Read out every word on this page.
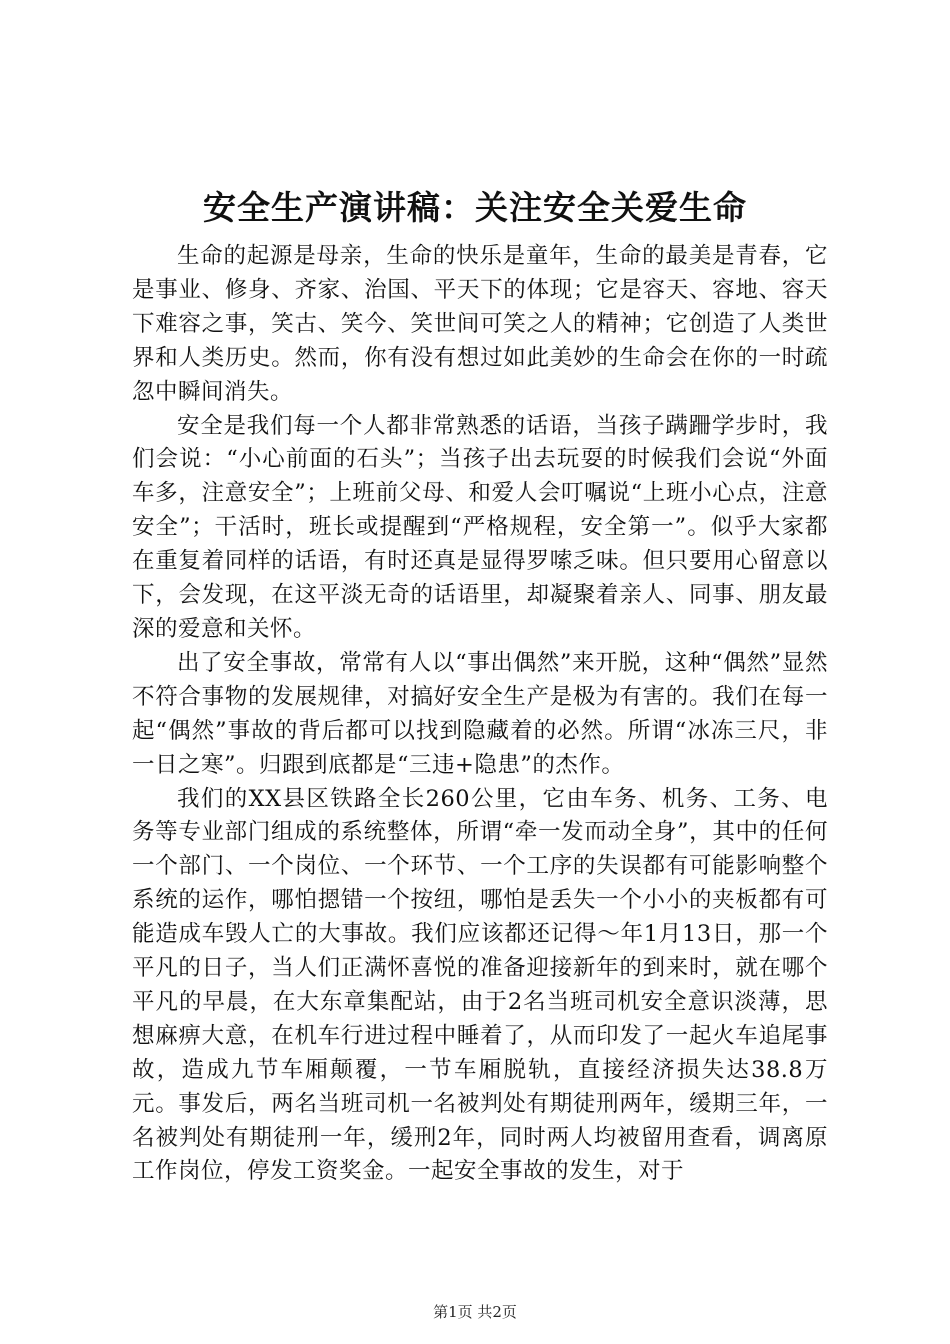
安全生产演讲稿：关注安全关爱生命

生命的起源是母亲，生命的快乐是童年，生命的最美是青春，它是事业、修身、齐家、治国、平天下的体现；它是容天、容地、容天下难容之事，笑古、笑今、笑世间可笑之人的精神；它创造了人类世界和人类历史。然而，你有没有想过如此美妙的生命会在你的一时疏忽中瞬间消失。

安全是我们每一个人都非常熟悉的话语，当孩子蹒跚学步时，我们会说：“小心前面的石头”；当孩子出去玩耍的时候我们会说“外面车多，注意安全”；上班前父母、和爱人会叮嘱说“上班小心点，注意安全”；干活时，班长或提醒到“严格规程，安全第一”。似乎大家都在重复着同样的话语，有时还真是显得罗嗦乏味。但只要用心留意以下，会发现，在这平淡无奇的话语里，却凝聚着亲人、同事、朋友最深的爱意和关怀。

出了安全事故，常常有人以“事出偶然”来开脱，这种“偶然”显然不符合事物的发展规律，对搞好安全生产是极为有害的。我们在每一起“偶然”事故的背后都可以找到隐藏着的必然。所谓“冰冻三尺，非一日之寒”。归跟到底都是“三违+隐患”的杰作。

我们的XX县区铁路全长260公里，它由车务、机务、工务、电务等专业部门组成的系统整体，所谓“牵一发而动全身”，其中的任何一个部门、一个岗位、一个环节、一个工序的失误都有可能影响整个系统的运作，哪怕摁错一个按纽，哪怕是丢失一个小小的夹板都有可能造成车毁人亡的大事故。我们应该都还记得～年1月13日，那一个平凡的日子，当人们正满怀喜悦的准备迎接新年的到来时，就在哪个平凡的早晨，在大东章集配站，由于2名当班司机安全意识淡薄，思想麻痹大意，在机车行进过程中睡着了，从而印发了一起火车追尾事故，造成九节车厢颠覆，一节车厢脱轨，直接经济损失达38.8万元。事发后，两名当班司机一名被判处有期徒刑两年，缓期三年，一名被判处有期徒刑一年，缓刑2年，同时两人均被留用查看，调离原工作岗位，停发工资奖金。一起安全事故的发生，对于

第1页 共2页
